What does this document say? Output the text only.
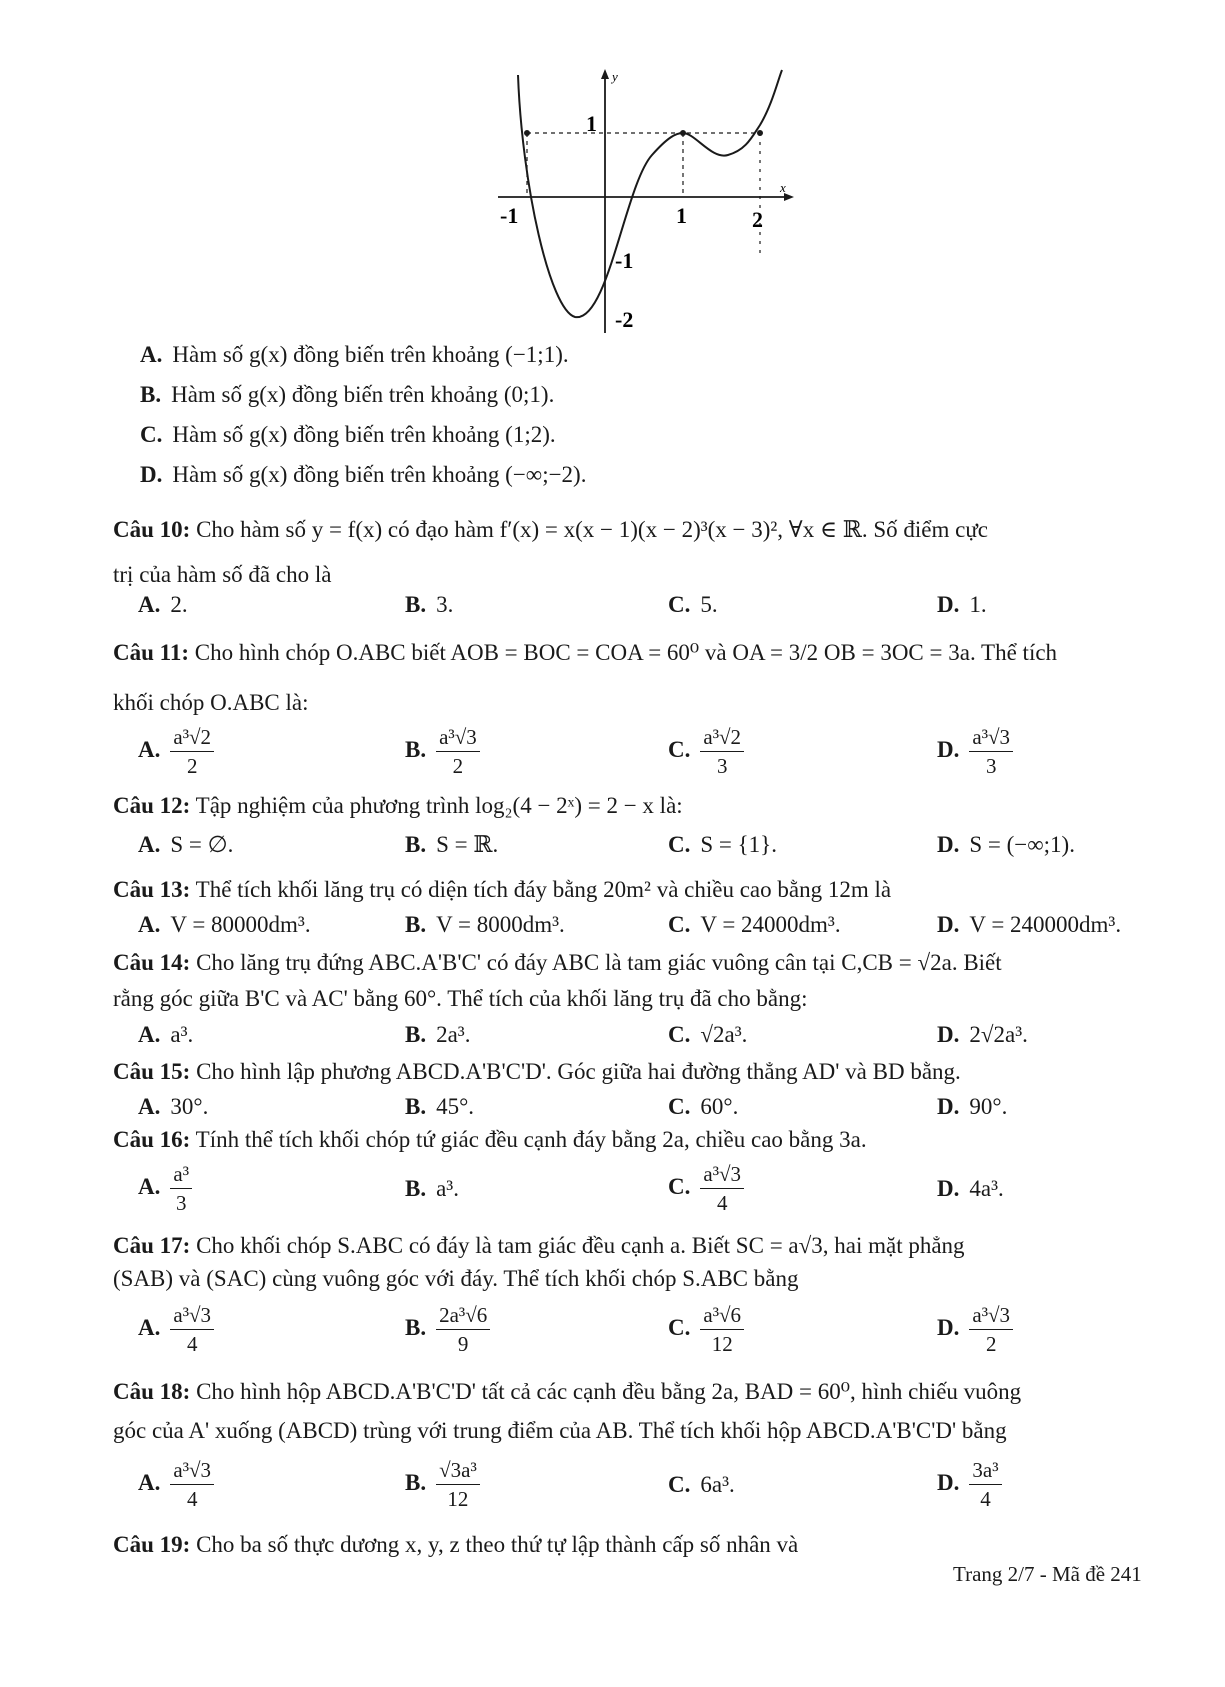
-1	1	2
1
-1
-2
y
x
A. Hàm số g(x) đồng biến trên khoảng (−1;1).
B. Hàm số g(x) đồng biến trên khoảng (0;1).
C. Hàm số g(x) đồng biến trên khoảng (1;2).
D. Hàm số g(x) đồng biến trên khoảng (−∞;−2).
Câu 10: Cho hàm số y = f(x) có đạo hàm f′(x) = x(x − 1)(x − 2)³(x − 3)², ∀x ∈ ℝ. Số điểm cực
trị của hàm số đã cho là
A. 2.	B. 3.	C. 5.	D. 1.
Câu 11: Cho hình chóp O.ABC biết AOB = BOC = COA = 60⁰ và OA = 3/2 OB = 3OC = 3a. Thể tích
khối chóp O.ABC là:
A. $\frac{\text{a³√2}}{2}$	B. $\frac{\text{a³√3}}{2}$	C. $\frac{\text{a³√2}}{3}$	D. $\frac{\text{a³√3}}{3}$
Câu 12: Tập nghiệm của phương trình log₂(4 − 2ˣ) = 2 − x là:
A. S = ∅.	B. S = ℝ.	C. S = {1}.	D. S = (−∞;1).
Câu 13: Thể tích khối lăng trụ có diện tích đáy bằng 20m² và chiều cao bằng 12m là
A. V = 80000dm³.	B. V = 8000dm³.	C. V = 24000dm³.	D. V = 240000dm³.
Câu 14: Cho lăng trụ đứng ABC.A'B'C' có đáy ABC là tam giác vuông cân tại C,CB = √2a. Biết
rằng góc giữa B'C và AC' bằng 60°. Thể tích của khối lăng trụ đã cho bằng:
A. a³.	B. 2a³.	C. √2a³.	D. 2√2a³.
Câu 15: Cho hình lập phương ABCD.A'B'C'D'. Góc giữa hai đường thẳng AD' và BD bằng.
A. 30°.	B. 45°.	C. 60°.	D. 90°.
Câu 16: Tính thể tích khối chóp tứ giác đều cạnh đáy bằng 2a, chiều cao bằng 3a.
A. $\frac{\text{a³}}{3}$	B. a³.	C. $\frac{\text{a³√3}}{4}$	D. 4a³.
Câu 17: Cho khối chóp S.ABC có đáy là tam giác đều cạnh a. Biết SC = a√3, hai mặt phẳng
(SAB) và (SAC) cùng vuông góc với đáy. Thể tích khối chóp S.ABC bằng
A. $\frac{\text{a³√3}}{4}$	B. $\frac{\text{2a³√6}}{9}$	C. $\frac{\text{a³√6}}{12}$	D. $\frac{\text{a³√3}}{2}$
Câu 18: Cho hình hộp ABCD.A'B'C'D' tất cả các cạnh đều bằng 2a, BAD = 60⁰, hình chiếu vuông
góc của A' xuống (ABCD) trùng với trung điểm của AB. Thể tích khối hộp ABCD.A'B'C'D' bằng
A. $\frac{\text{a³√3}}{4}$	B. $\frac{\text{√3a³}}{12}$	C. 6a³.	D. $\frac{\text{3a³}}{4}$
Câu 19: Cho ba số thực dương x, y, z theo thứ tự lập thành cấp số nhân và
Trang 2/7 - Mã đề 241
